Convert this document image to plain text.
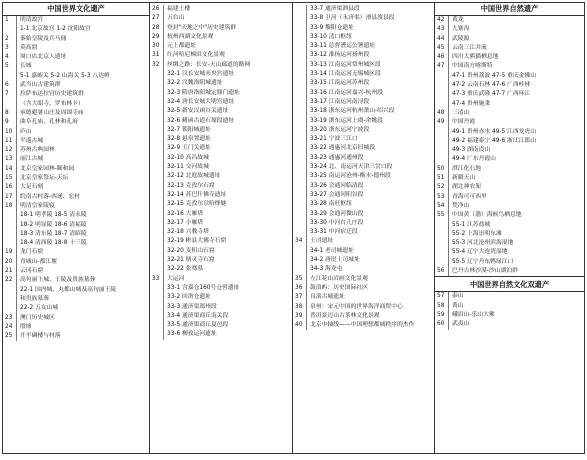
中国世界文化遗产
1	明清故宫
1-1 北京故宫 1-2 沈阳故宫
2	秦始皇陵及兵马俑
3	莫高窟
4	周口店北京人遗址
5	长城
5-1 嘉峪关 5-2 山海关 5-3 八达岭
6	武当山古建筑群
7	拉萨布达拉宫历史建筑群
（含大昭寺、罗布林卡）
8	承德避暑山庄及周围寺庙
9	曲阜孔庙、孔林和孔府
10	庐山
11	平遥古城
12	苏州古典园林
13	丽江古城
14	北京皇家园林-颐和园
15	北京皇家祭坛-天坛
16	大足石刻
17	皖南古村落-西递、宏村
18	明清皇家陵寝
18-1 明孝陵 18-5 清永陵
18-2 明显陵 18-6 清福陵
18-3 清东陵 18-7 清昭陵
18-4 清西陵 18-8 十三陵
19	龙门石窟
20	青城山-都江堰
21	云冈石窟
22	高句丽王城、王陵及贵族墓葬
22-1 国内城、丸都山城及高句丽王陵
和贵族墓葬
22-2 五女山城
23	澳门历史城区
24	殷墟
25	开平碉楼与村落
26	福建土楼
27	五台山
28	登封"天地之中"历史建筑群
29	杭州西湖文化景观
30	元上都遗址
31	红河哈尼梯田文化景观
32	丝绸之路：长安-天山廊道的路网
32-1 汉长安城未央宫遗址
32-2 汉魏洛阳城遗址
32-3 隋唐洛阳城定鼎门遗址
32-4 唐长安城大明宫遗址
32-5 新安汉函谷关遗址
32-6 崤函古道石壕段遗址
32-7 锁阳城遗址
32-8 悬泉置遗址
32-9 玉门关遗址
32-10 高昌故城
32-11 交河故城
32-12 北庭故城遗址
32-13 克孜尔石窟
32-14 苏巴什佛寺遗址
32-15 克孜尔尕哈烽燧
32-16 大雁塔
32-17 小雁塔
32-18 兴教寺塔
32-19 彬县大佛寺石窟
32-20 麦积山石窟
32-21 炳灵寺石窟
32-22 张骞墓
33	大运河
33-1 含嘉仓160号仓窖遗址
33-2 回洛仓遗址
33-3 通济渠郑州段
33-4 通济渠商丘南关段
33-5 通济渠商丘夏邑段
33-6 柳孜运河遗址
33-7 通济渠泗县段
33-8 卫河（永济渠）滑县浚县段
33-9 黎阳仓遗址
33-10 清口枢纽
33-11 总督漕运公署遗址
33-12 淮扬运河扬州段
33-13 江南运河常州城区段
33-14 江南运河无锡城区段
33-15 江南运河苏州段
33-16 江南运河嘉兴-杭州段
33-17 江南运河南浔段
33-18 浙东运河杭州萧山-绍兴段
33-19 浙东运河上虞-余姚段
33-20 浙东运河宁波段
33-21 宁波三江口
33-22 通惠河北京旧城段
33-23 通惠河通州段
33-24 北、南运河天津三岔口段
33-25 南运河沧州-衡水-德州段
33-26 会通河临清段
33-27 会通河阳谷段
33-28 南旺枢纽
33-29 会通河微山段
33-30 中河台儿庄段
33-31 中河宿迁段
34	土司遗址
34-1 老司城遗址
34-2 唐崖土司城址
34-3 海龙屯
35	左江花山岩画文化景观
36	鼓浪屿：历史国际社区
37	良渚古城遗址
38	泉州：宋元中国的世界海洋商贸中心
39	普洱景迈山古茶林文化景观
40	北京中轴线——中国理想都城秩序的杰作
中国世界自然遗产
42	黄龙
43	九寨沟
44	武陵源
45	云南三江并流
46	四川大熊猫栖息地
47	中国南方喀斯特
47-1 贵州荔波 47-5 重庆金佛山
47-2 云南石林 47-6 广西桂林
47-3 重庆武隆 47-7 广西环江
47-4 贵州施秉
48	三清山
49	中国丹霞
49-1 贵州赤水 49-5 江西龙虎山
49-2 福建泰宁 49-6 浙江江郎山
49-3 湖南崀山
49-4 广东丹霞山
50	澄江化石地
51	新疆天山
52	湖北神农架
53	青海可可西里
54	梵净山
55	中国黄（渤）海候鸟栖息地
55-1 江苏盐城
55-2 上海崇明东滩
55-3 河北沧州滨海湿地
55-4 辽宁大连湾湿地
55-5 辽宁丹东鸭绿江口
56	巴丹吉林沙漠-沙山湖泊群
中国世界自然文化双遗产
57	泰山
58	黄山
59	峨眉山-乐山大佛
60	武夷山
